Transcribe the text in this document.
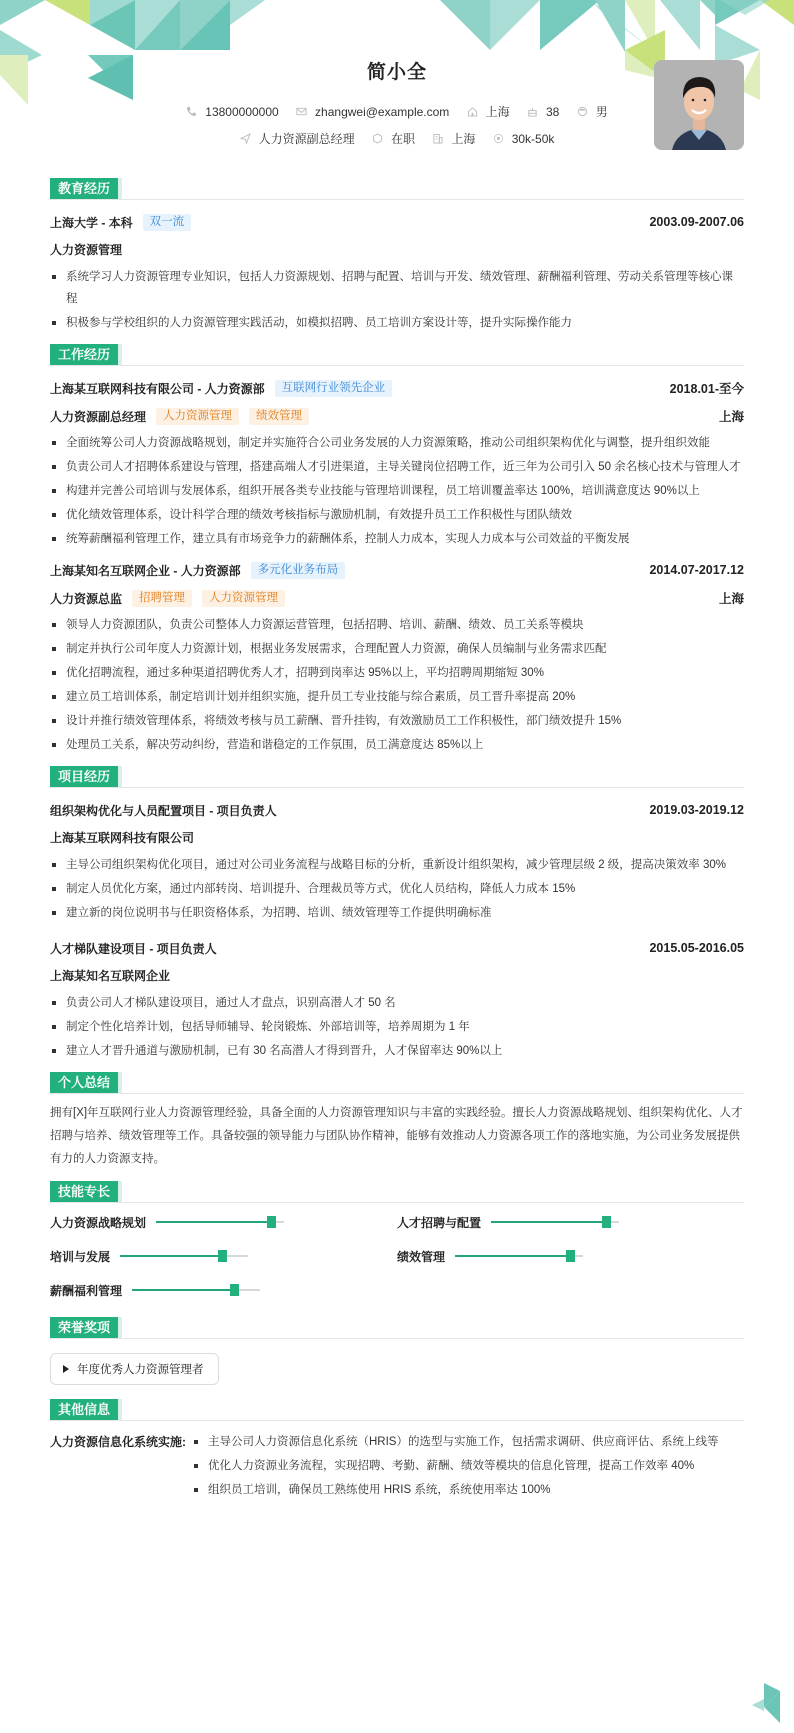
简小全
13800000000
	zhangwei@example.com
	上海
	38
	男
人力资源副总经理
	在职
	上海
	30k-50k
教育经历
上海大学 - 本科	双一流	2003.09-2007.06
人力资源管理
系统学习人力资源管理专业知识，包括人力资源规划、招聘与配置、培训与开发、绩效管理、薪酬福利管理、劳动关系管理等核心课程
积极参与学校组织的人力资源管理实践活动，如模拟招聘、员工培训方案设计等，提升实际操作能力
工作经历
上海某互联网科技有限公司 - 人力资源部	互联网行业领先企业	2018.01-至今
人力资源副总经理	人力资源管理	绩效管理	上海
全面统筹公司人力资源战略规划，制定并实施符合公司业务发展的人力资源策略，推动公司组织架构优化与调整，提升组织效能
负责公司人才招聘体系建设与管理，搭建高端人才引进渠道，主导关键岗位招聘工作，近三年为公司引入 50 余名核心技术与管理人才
构建并完善公司培训与发展体系，组织开展各类专业技能与管理培训课程，员工培训覆盖率达 100%，培训满意度达 90%以上
优化绩效管理体系，设计科学合理的绩效考核指标与激励机制，有效提升员工工作积极性与团队绩效
统筹薪酬福利管理工作，建立具有市场竞争力的薪酬体系，控制人力成本，实现人力成本与公司效益的平衡发展
上海某知名互联网企业 - 人力资源部	多元化业务布局	2014.07-2017.12
人力资源总监	招聘管理	人力资源管理	上海
领导人力资源团队，负责公司整体人力资源运营管理，包括招聘、培训、薪酬、绩效、员工关系等模块
制定并执行公司年度人力资源计划，根据业务发展需求，合理配置人力资源，确保人员编制与业务需求匹配
优化招聘流程，通过多种渠道招聘优秀人才，招聘到岗率达 95%以上，平均招聘周期缩短 30%
建立员工培训体系，制定培训计划并组织实施，提升员工专业技能与综合素质，员工晋升率提高 20%
设计并推行绩效管理体系，将绩效考核与员工薪酬、晋升挂钩，有效激励员工工作积极性，部门绩效提升 15%
处理员工关系，解决劳动纠纷，营造和谐稳定的工作氛围，员工满意度达 85%以上
项目经历
组织架构优化与人员配置项目 - 项目负责人	2019.03-2019.12
上海某互联网科技有限公司
主导公司组织架构优化项目，通过对公司业务流程与战略目标的分析，重新设计组织架构，减少管理层级 2 级，提高决策效率 30%
制定人员优化方案，通过内部转岗、培训提升、合理裁员等方式，优化人员结构，降低人力成本 15%
建立新的岗位说明书与任职资格体系，为招聘、培训、绩效管理等工作提供明确标准
人才梯队建设项目 - 项目负责人	2015.05-2016.05
上海某知名互联网企业
负责公司人才梯队建设项目，通过人才盘点，识别高潜人才 50 名
制定个性化培养计划，包括导师辅导、轮岗锻炼、外部培训等，培养周期为 1 年
建立人才晋升通道与激励机制，已有 30 名高潜人才得到晋升，人才保留率达 90%以上
个人总结

拥有[X]年互联网行业人力资源管理经验，具备全面的人力资源管理知识与丰富的实践经验。擅长人力资源战略规划、组织架构优化、人才招聘与培养、绩效管理等工作。具备较强的领导能力与团队协作精神，能够有效推动人力资源各项工作的落地实施，为公司业务发展提供有力的人力资源支持。

技能专长
人力资源战略规划	人才招聘与配置
培训与发展	绩效管理
薪酬福利管理
荣誉奖项
年度优秀人力资源管理者
其他信息
人力资源信息化系统实施:	主导公司人力资源信息化系统（HRIS）的选型与实施工作，包括需求调研、供应商评估、系统上线等
优化人力资源业务流程，实现招聘、考勤、薪酬、绩效等模块的信息化管理，提高工作效率 40%
组织员工培训，确保员工熟练使用 HRIS 系统，系统使用率达 100%
